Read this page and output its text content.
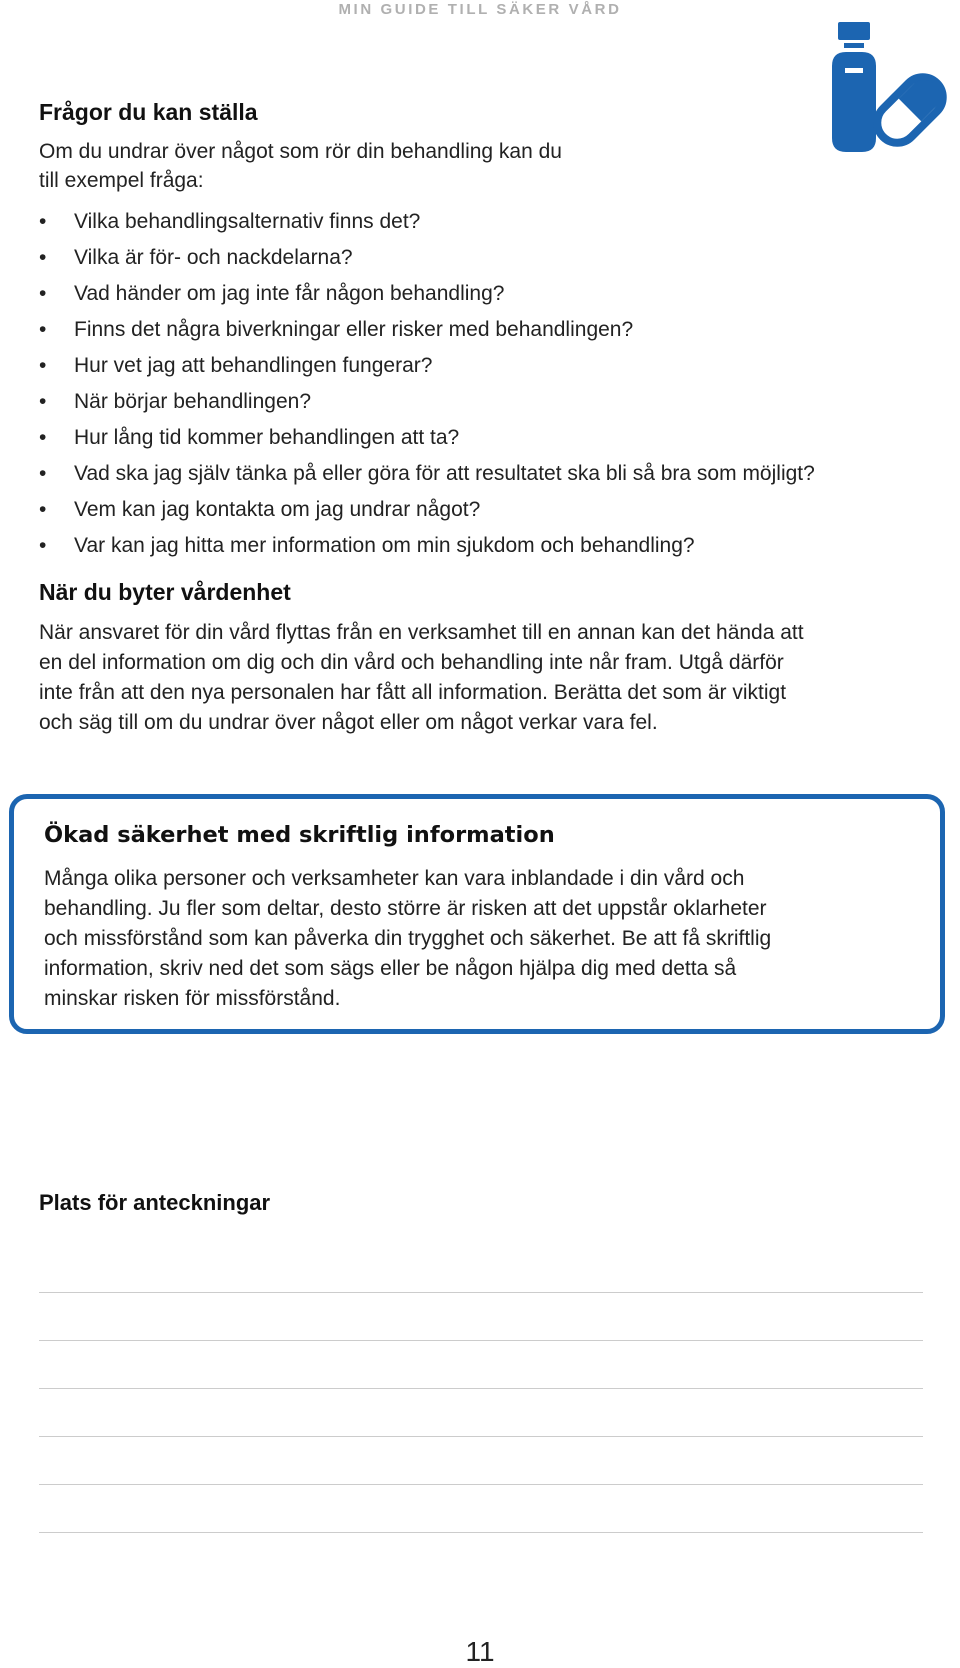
MIN GUIDE TILL SÄKER VÅRD
Frågor du kan ställa

Om du undrar över något som rör din behandling kan du

till exempel fråga:

• Vilka behandlingsalternativ finns det?
• Vilka är för- och nackdelarna?
• Vad händer om jag inte får någon behandling?
• Finns det några biverkningar eller risker med behandlingen?
• Hur vet jag att behandlingen fungerar?
• När börjar behandlingen?
• Hur lång tid kommer behandlingen att ta?
• Vad ska jag själv tänka på eller göra för att resultatet ska bli så bra som möjligt?
• Vem kan jag kontakta om jag undrar något?
• Var kan jag hitta mer information om min sjukdom och behandling?
När du byter vårdenhet

När ansvaret för din vård flyttas från en verksamhet till en annan kan det hända att

en del information om dig och din vård och behandling inte når fram. Utgå därför

inte från att den nya personalen har fått all information. Berätta det som är viktigt

och säg till om du undrar över något eller om något verkar vara fel.

Ökad säkerhet med skriftlig information
Många olika personer och verksamheter kan vara inblandade i din vård och
behandling. Ju fler som deltar, desto större är risken att det uppstår oklarheter
och missförstånd som kan påverka din trygghet och säkerhet. Be att få skriftlig
information, skriv ned det som sägs eller be någon hjälpa dig med detta så
minskar risken för missförstånd.
Plats för anteckningar
11
